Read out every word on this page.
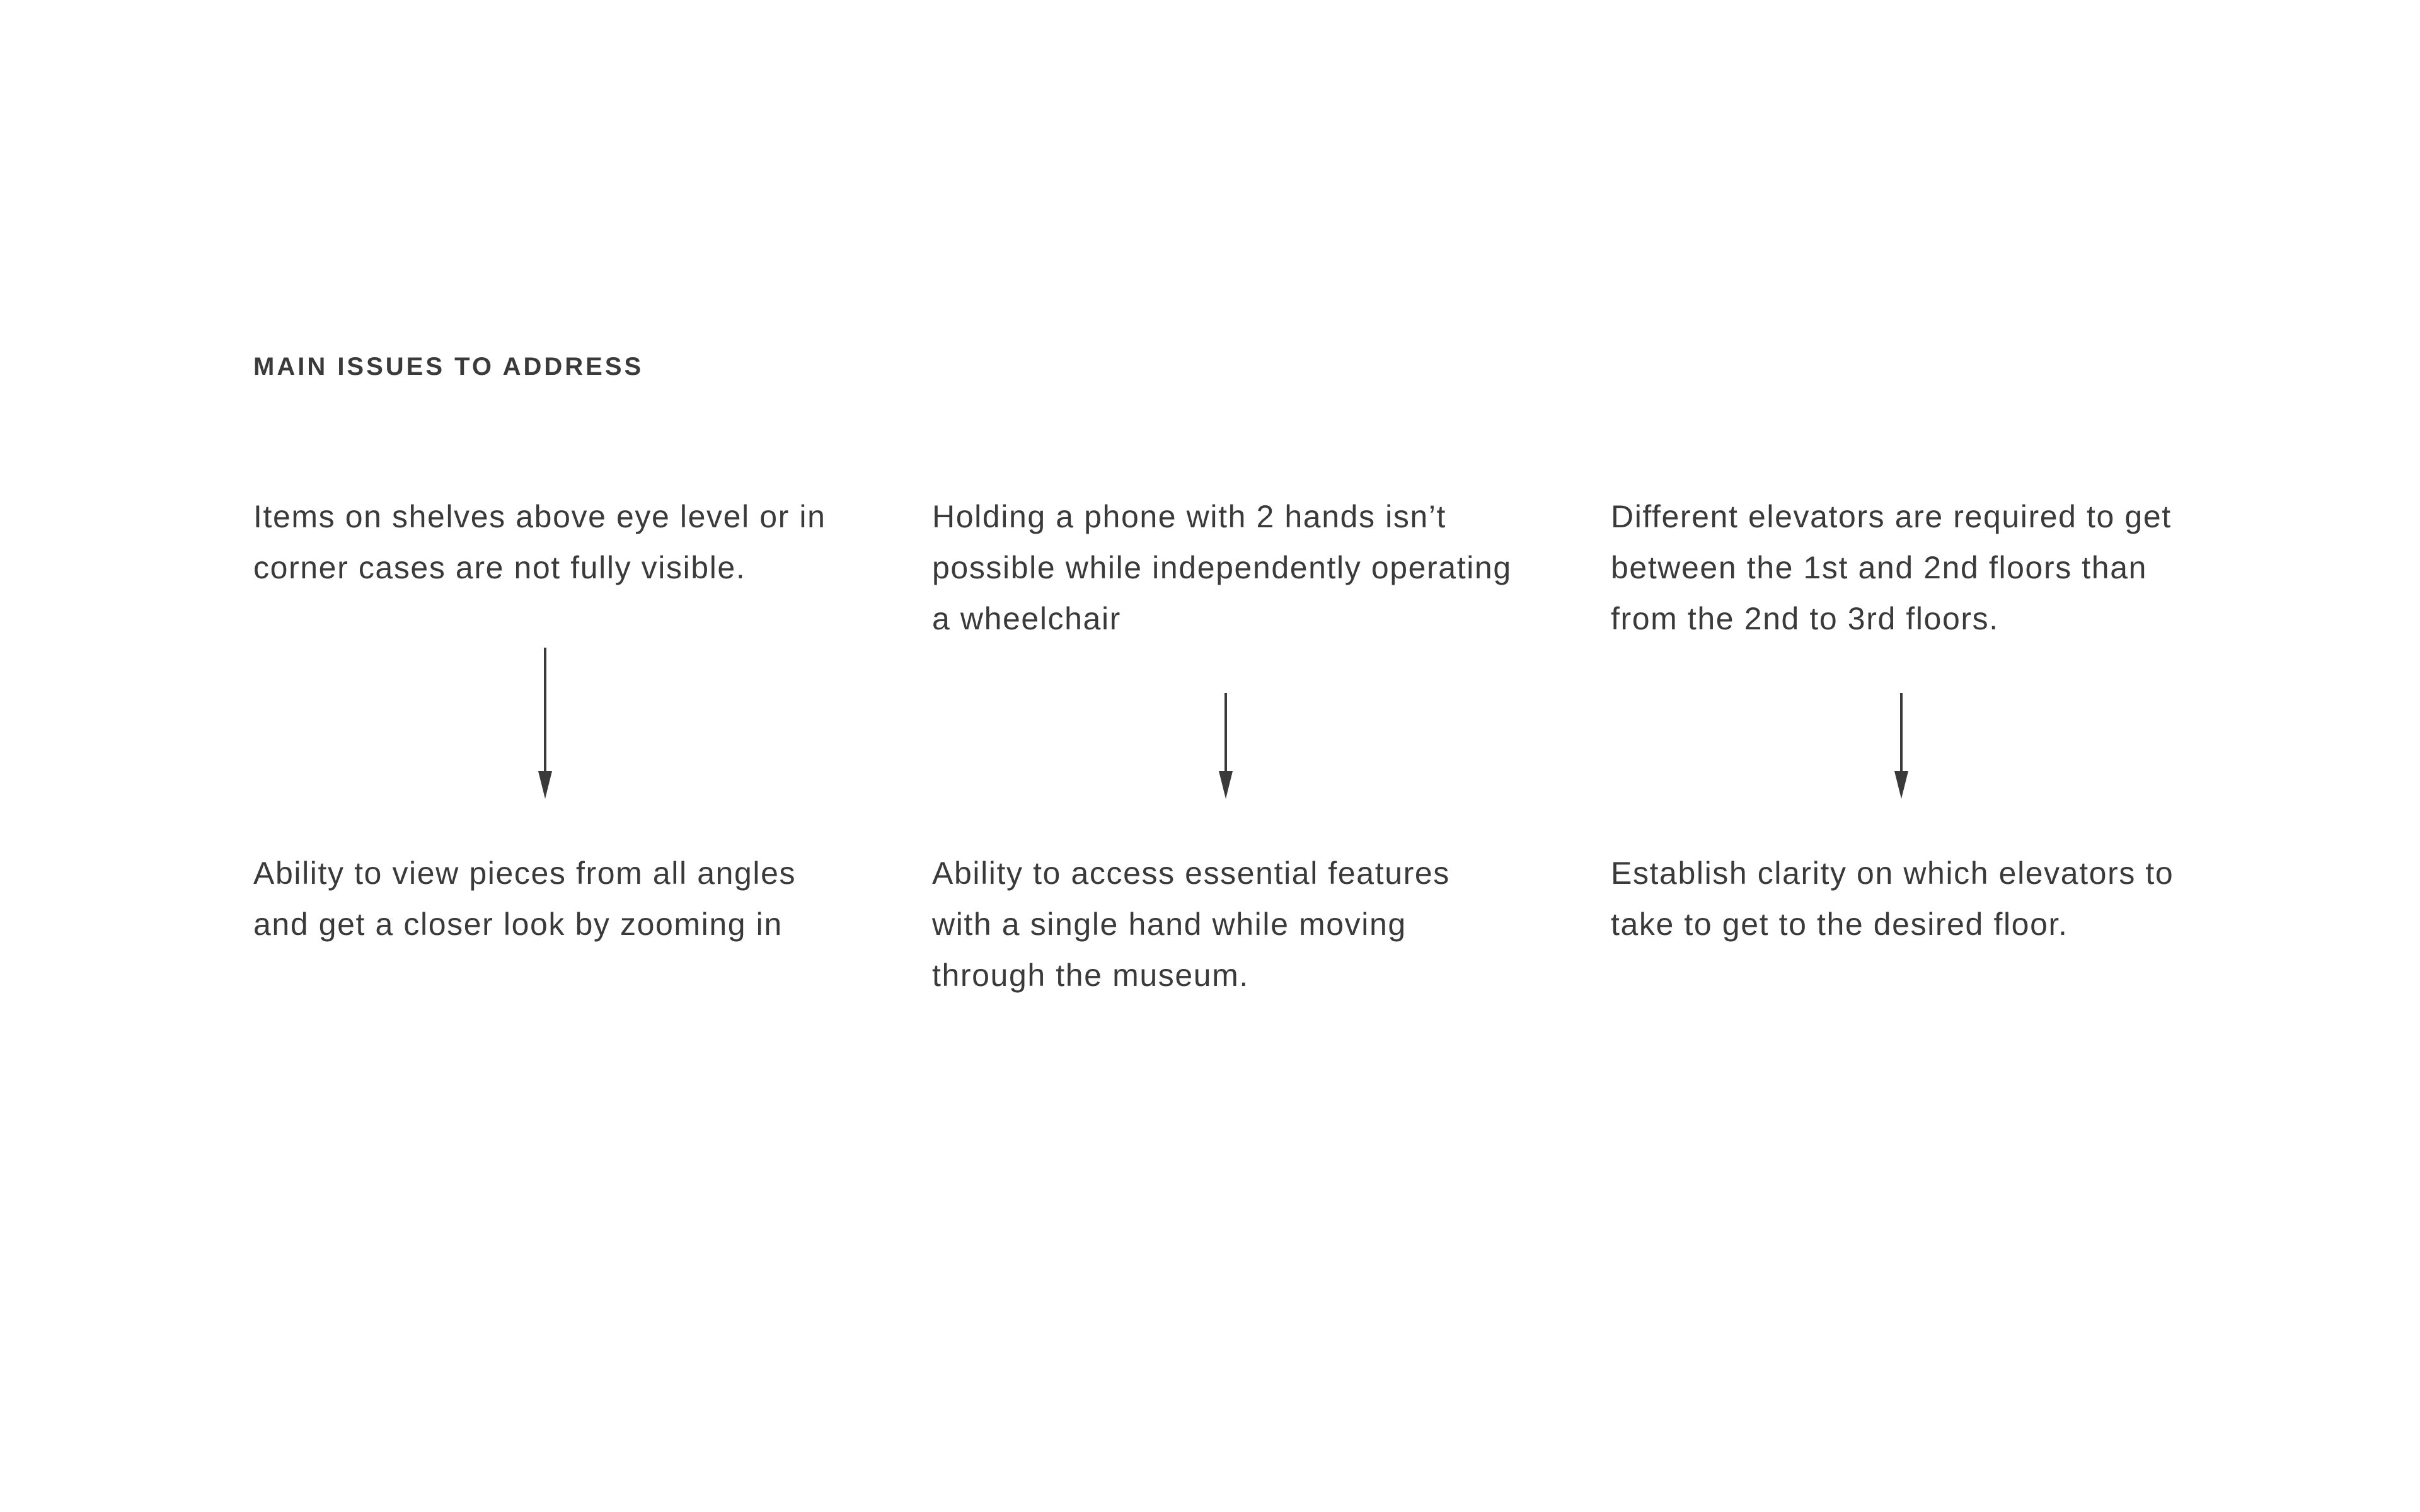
MAIN ISSUES TO ADDRESS

Items on shelves above eye level or in corner cases are not fully visible.

Ability to view pieces from all angles and get a closer look by zooming in

Holding a phone with 2 hands isn’t possible while independently operating a wheelchair

Ability to access essential features with a single hand while moving through the museum.

Different elevators are required to get between the 1st and 2nd floors than from the 2nd to 3rd floors.

Establish clarity on which elevators to take to get to the desired floor.
